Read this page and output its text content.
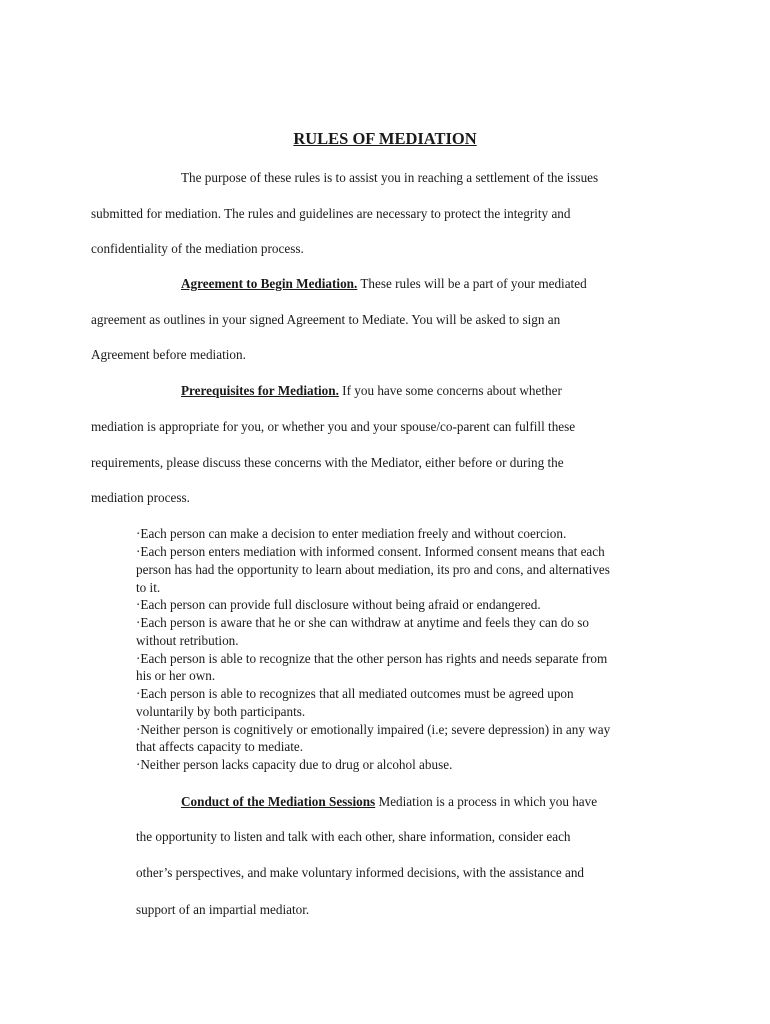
RULES OF MEDIATION
The purpose of these rules is to assist you in reaching a settlement of the issues
submitted for mediation. The rules and guidelines are necessary to protect the integrity and
confidentiality of the mediation process.
Agreement to Begin Mediation. These rules will be a part of your mediated
agreement as outlines in your signed Agreement to Mediate. You will be asked to sign an
Agreement before mediation.
Prerequisites for Mediation. If you have some concerns about whether
mediation is appropriate for you, or whether you and your spouse/co-parent can fulfill these
requirements, please discuss these concerns with the Mediator, either before or during the
mediation process.
·Each person can make a decision to enter mediation freely and without coercion.
·Each person enters mediation with informed consent. Informed consent means that each
person has had the opportunity to learn about mediation, its pro and cons, and alternatives
to it.
·Each person can provide full disclosure without being afraid or endangered.
·Each person is aware that he or she can withdraw at anytime and feels they can do so
without retribution.
·Each person is able to recognize that the other person has rights and needs separate from
his or her own.
·Each person is able to recognizes that all mediated outcomes must be agreed upon
voluntarily by both participants.
·Neither person is cognitively or emotionally impaired (i.e; severe depression) in any way
that affects capacity to mediate.
·Neither person lacks capacity due to drug or alcohol abuse.
Conduct of the Mediation Sessions Mediation is a process in which you have
the opportunity to listen and talk with each other, share information, consider each
other’s perspectives, and make voluntary informed decisions, with the assistance and
support of an impartial mediator.
